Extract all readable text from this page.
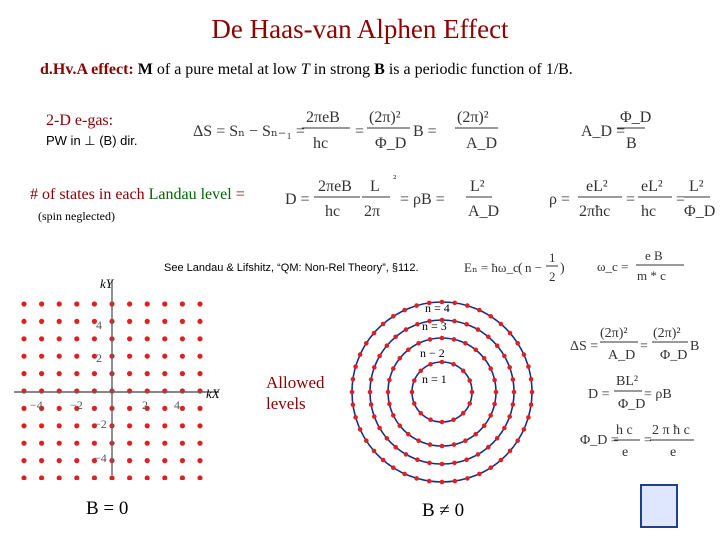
De Haas-van Alphen Effect
d.Hv.A effect: M of a pure metal at low T in strong B is a periodic function of 1/B.
2-D e-gas:
PW in ⊥ (B) dir.
# of states in each Landau level =
(spin neglected)
See Landau & Lifshitz, “QM: Non-Rel Theory”, §112.
ΔS = Sₙ − Sₙ₋₁ =
2πeB
hc
=
(2π)²
Φ_D
B =
(2π)²
A_D
A_D =
Φ_D
B
D =
2πeB
hc
L
2π
²
= ρB =
L²
A_D
ρ =
eL²
2πħc
=
eL²
hc
=
L²
Φ_D
Eₙ = ħω_c ( n −
1
2
) ω_c =
e B
m * c
ΔS =
(2π)²
A_D
=
(2π)²
Φ_D
B
D =
BL²
Φ_D
= ρB
Φ_D =
h c
e
=
2 π ħ c
e
kY
kX
−4 −2	2 4
4
2
−2
−4
Allowed levels
n = 4
n = 3
n − 2
n = 1
B = 0	B ≠ 0
